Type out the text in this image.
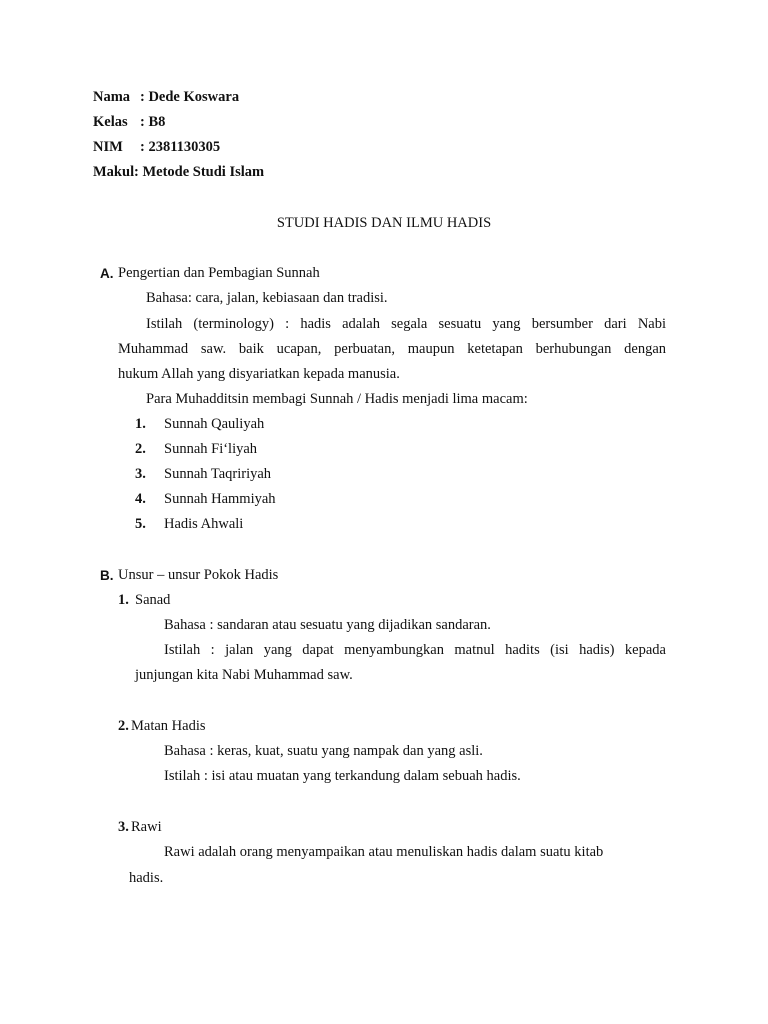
Nama : Dede Koswara
Kelas : B8
NIM : 2381130305
Makul : Metode Studi Islam
STUDI HADIS DAN ILMU HADIS
A. Pengertian dan Pembagian Sunnah
Bahasa: cara, jalan, kebiasaan dan tradisi.
Istilah (terminology) : hadis adalah segala sesuatu yang bersumber dari Nabi
Muhammad saw. baik ucapan, perbuatan, maupun ketetapan berhubungan dengan
hukum Allah yang disyariatkan kepada manusia.
Para Muhadditsin membagi Sunnah / Hadis menjadi lima macam:
1. Sunnah Qauliyah
2. Sunnah Fi‘liyah
3. Sunnah Taqririyah
4. Sunnah Hammiyah
5. Hadis Ahwali
B. Unsur – unsur Pokok Hadis
1. Sanad
Bahasa : sandaran atau sesuatu yang dijadikan sandaran.
Istilah : jalan yang dapat menyambungkan matnul hadits (isi hadis) kepada
junjungan kita Nabi Muhammad saw.
2. Matan Hadis
Bahasa : keras, kuat, suatu yang nampak dan yang asli.
Istilah : isi atau muatan yang terkandung dalam sebuah hadis.
3. Rawi
Rawi adalah orang menyampaikan atau menuliskan hadis dalam suatu kitab
hadis.
